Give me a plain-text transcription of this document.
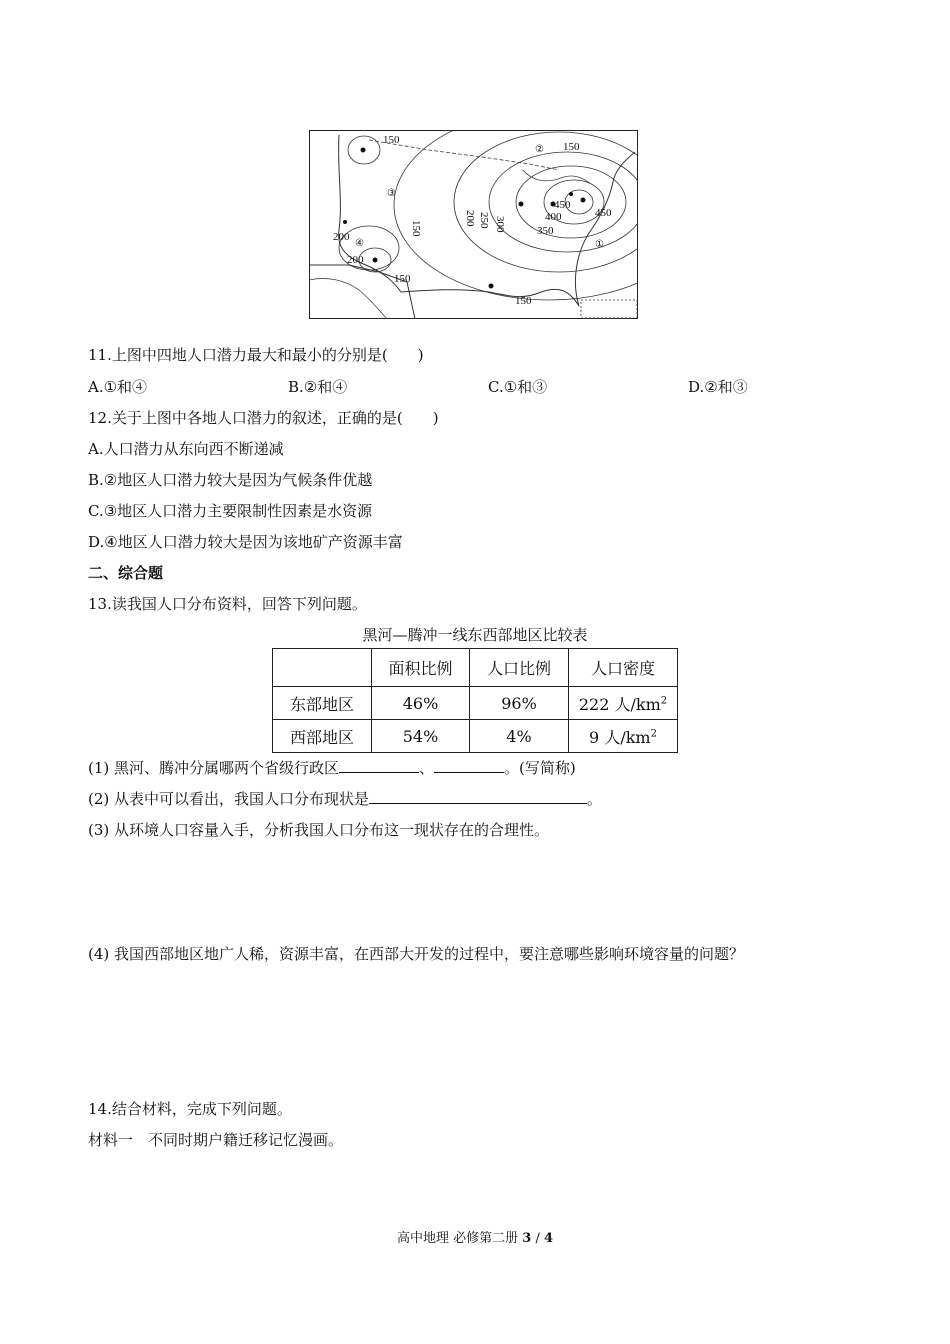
150
150
150
150
150
200
200
200 250 300	350
400
450
450
①
②
③
④
11.上图中四地人口潜力最大和最小的分别是(　　)
A.①和④	B.②和④	C.①和③	D.②和③
12.关于上图中各地人口潜力的叙述，正确的是(　　)
A.人口潜力从东向西不断递减
B.②地区人口潜力较大是因为气候条件优越
C.③地区人口潜力主要限制性因素是水资源
D.④地区人口潜力较大是因为该地矿产资源丰富
二、综合题
13.读我国人口分布资料，回答下列问题。
黑河—腾冲一线东西部地区比较表
	面积比例	人口比例	人口密度
东部地区	46%	96%	222 人$/km^2$
西部地区	54%	4%	9 人$/km^2$
(1) 黑河、腾冲分属哪两个省级行政区	、	。(写简称)
(2) 从表中可以看出，我国人口分布现状是	。
(3) 从环境人口容量入手，分析我国人口分布这一现状存在的合理性。
(4) 我国西部地区地广人稀，资源丰富，在西部大开发的过程中，要注意哪些影响环境容量的问题？
14.结合材料，完成下列问题。
材料一　不同时期户籍迁移记忆漫画。
高中地理 必修第二册 3 / 4
